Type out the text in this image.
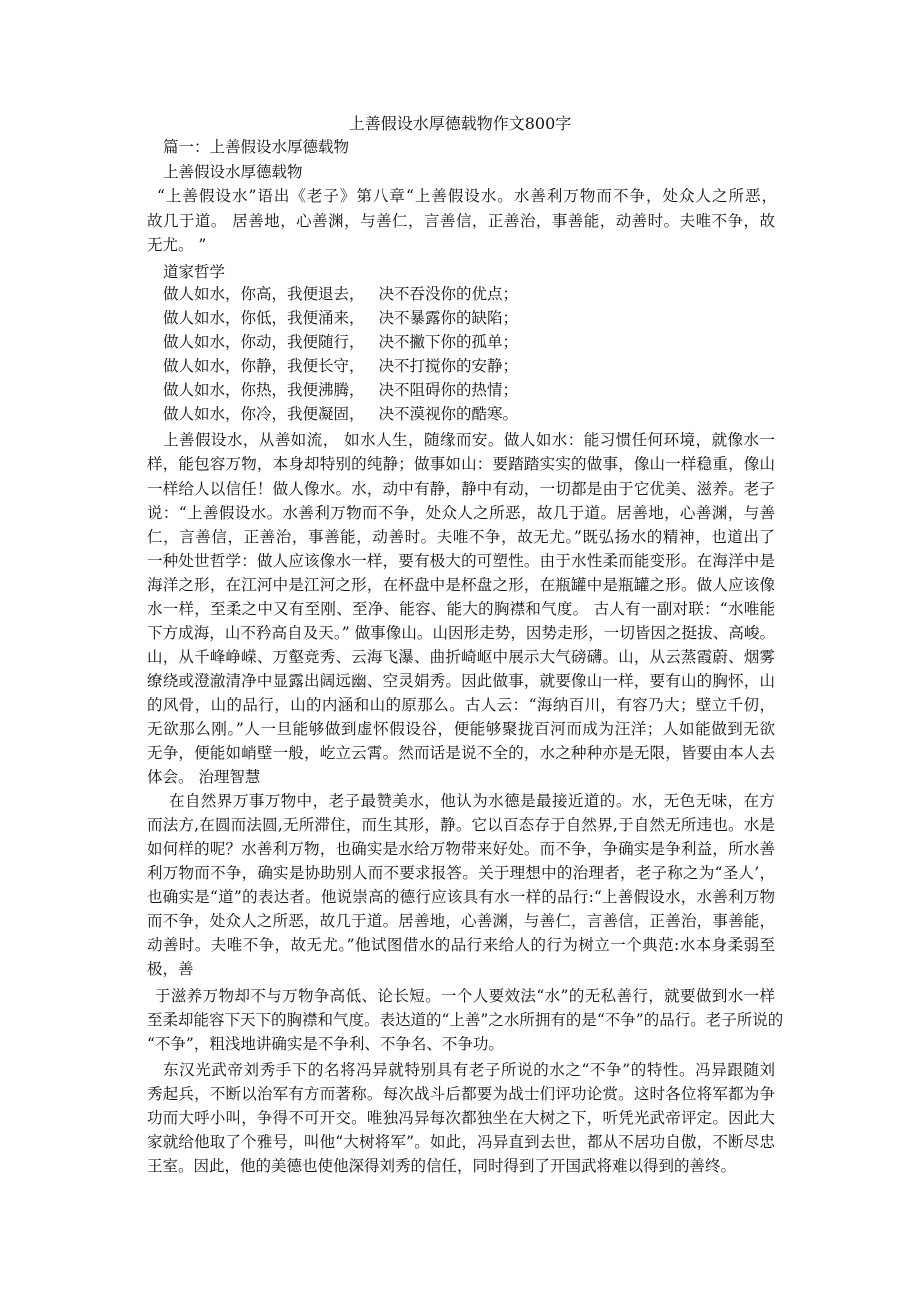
上善假设水厚德载物作文800字
篇一：上善假设水厚德载物
上善假设水厚德载物
“上善假设水”语出《老子》第八章“上善假设水。水善利万物而不争，处众人之所恶，
故几于道。 居善地，心善渊，与善仁，言善信，正善治，事善能，动善时。夫唯不争，故
无尤。 ”
道家哲学
做人如水，你高，我便退去， 决不吞没你的优点；
做人如水，你低，我便涌来， 决不暴露你的缺陷；
做人如水，你动，我便随行， 决不撇下你的孤单；
做人如水，你静，我便长守， 决不打搅你的安静；
做人如水，你热，我便沸腾， 决不阻碍你的热情；
做人如水，你冷，我便凝固， 决不漠视你的酷寒。
上善假设水，从善如流， 如水人生，随缘而安。做人如水：能习惯任何环境，就像水一
样，能包容万物，本身却特别的纯静；做事如山：要踏踏实实的做事，像山一样稳重，像山
一样给人以信任！做人像水。水，动中有静，静中有动，一切都是由于它优美、滋养。老子
说：“上善假设水。水善利万物而不争，处众人之所恶，故几于道。居善地，心善渊，与善
仁，言善信，正善治，事善能，动善时。夫唯不争，故无尤。”既弘扬水的精神，也道出了
一种处世哲学：做人应该像水一样，要有极大的可塑性。由于水性柔而能变形。在海洋中是
海洋之形，在江河中是江河之形，在杯盘中是杯盘之形，在瓶罐中是瓶罐之形。做人应该像
水一样，至柔之中又有至刚、至净、能容、能大的胸襟和气度。 古人有一副对联：“水唯能
下方成海，山不矜高自及天。” 做事像山。山因形走势，因势走形，一切皆因之挺拔、高峻。
山，从千峰峥嵘、万壑竞秀、云海飞瀑、曲折崎岖中展示大气磅礴。山，从云蒸霞蔚、烟雾
缭绕或澄澈清净中显露出阔远幽、空灵娟秀。因此做事，就要像山一样，要有山的胸怀，山
的风骨，山的品行，山的内涵和山的原那么。古人云：“海纳百川，有容乃大；壁立千仞，
无欲那么刚。”人一旦能够做到虚怀假设谷，便能够聚拢百河而成为汪洋；人如能做到无欲
无争，便能如峭壁一般，屹立云霄。然而话是说不全的，水之种种亦是无限，皆要由本人去
体会。 治理智慧
在自然界万事万物中，老子最赞美水，他认为水德是最接近道的。水，无色无味，在方
而法方,在圆而法圆,无所滞住，而生其形，静。它以百态存于自然界,于自然无所违也。水是
如何样的呢？水善利万物，也确实是水给万物带来好处。而不争，争确实是争利益，所水善
利万物而不争，确实是协助别人而不要求报答。关于理想中的治理者，老子称之为“圣人’，
也确实是“道”的表达者。他说崇高的德行应该具有水一样的品行:“上善假设水，水善利万物
而不争，处众人之所恶，故几于道。居善地，心善渊，与善仁，言善信，正善治，事善能，
动善时。夫唯不争，故无尤。”他试图借水的品行来给人的行为树立一个典范:水本身柔弱至
极，善
于滋养万物却不与万物争高低、论长短。一个人要效法“水”的无私善行，就要做到水一样
至柔却能容下天下的胸襟和气度。表达道的“上善”之水所拥有的是“不争”的品行。老子所说的
“不争”，粗浅地讲确实是不争利、不争名、不争功。
东汉光武帝刘秀手下的名将冯异就特别具有老子所说的水之“不争”的特性。冯异跟随刘
秀起兵，不断以治军有方而著称。每次战斗后都要为战士们评功论赏。这时各位将军都为争
功而大呼小叫，争得不可开交。唯独冯异每次都独坐在大树之下，听凭光武帝评定。因此大
家就给他取了个雅号，叫他“大树将军”。如此，冯异直到去世，都从不居功自傲，不断尽忠
王室。因此，他的美德也使他深得刘秀的信任，同时得到了开国武将难以得到的善终。
